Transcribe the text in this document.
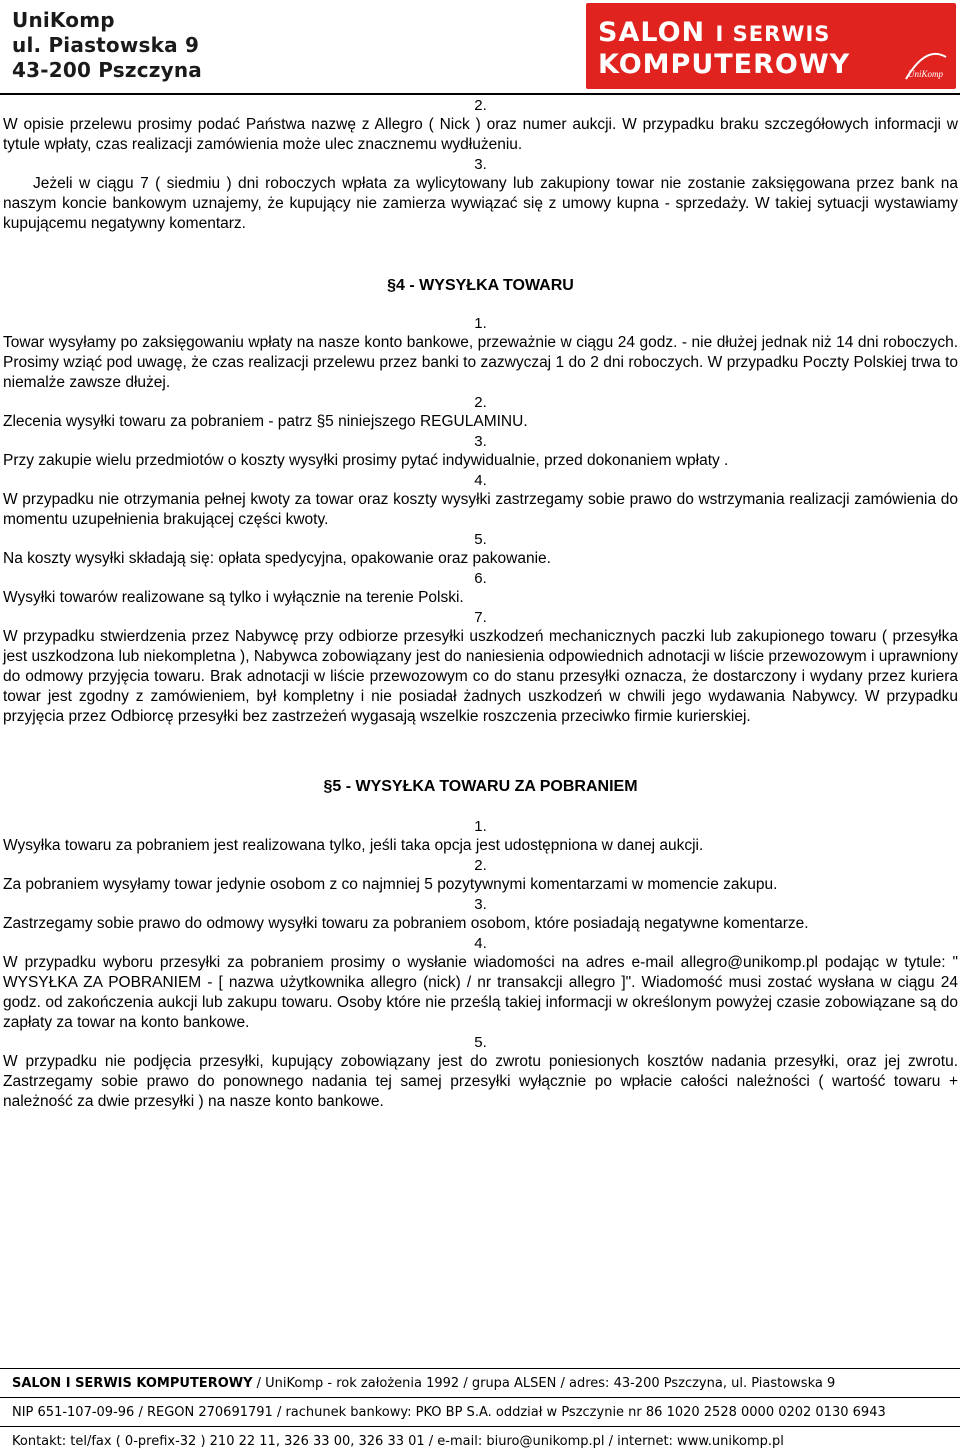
UniKomp
ul. Piastowska 9
43-200 Pszczyna
SALON I SERWIS
KOMPUTEROWY	UniKomp
2.

W opisie przelewu prosimy podać Państwa nazwę z Allegro ( Nick ) oraz numer aukcji. W przypadku braku szczegółowych informacji w tytule wpłaty, czas realizacji zamówienia może ulec znacznemu wydłużeniu.

3.

Jeżeli w ciągu 7 ( siedmiu ) dni roboczych wpłata za wylicytowany lub zakupiony towar nie zostanie zaksięgowana przez bank na naszym koncie bankowym uznajemy, że kupujący nie zamierza wywiązać się z umowy kupna - sprzedaży. W takiej sytuacji wystawiamy kupującemu negatywny komentarz.

§4 - WYSYŁKA TOWARU
1.

Towar wysyłamy po zaksięgowaniu wpłaty na nasze konto bankowe, przeważnie w ciągu 24 godz. - nie dłużej jednak niż 14 dni roboczych. Prosimy wziąć pod uwagę, że czas realizacji przelewu przez banki to zazwyczaj 1 do 2 dni roboczych. W przypadku Poczty Polskiej trwa to niemalże zawsze dłużej.

2.

Zlecenia wysyłki towaru za pobraniem - patrz §5 niniejszego REGULAMINU.

3.

Przy zakupie wielu przedmiotów o koszty wysyłki prosimy pytać indywidualnie, przed dokonaniem wpłaty .

4.

W przypadku nie otrzymania pełnej kwoty za towar oraz koszty wysyłki zastrzegamy sobie prawo do wstrzymania realizacji zamówienia do momentu uzupełnienia brakującej części kwoty.

5.

Na koszty wysyłki składają się: opłata spedycyjna, opakowanie oraz pakowanie.

6.

Wysyłki towarów realizowane są tylko i wyłącznie na terenie Polski.

7.

W przypadku stwierdzenia przez Nabywcę przy odbiorze przesyłki uszkodzeń mechanicznych paczki lub zakupionego towaru ( przesyłka jest uszkodzona lub niekompletna ), Nabywca zobowiązany jest do naniesienia odpowiednich adnotacji w liście przewozowym i uprawniony do odmowy przyjęcia towaru. Brak adnotacji w liście przewozowym co do stanu przesyłki oznacza, że dostarczony i wydany przez kuriera towar jest zgodny z zamówieniem, był kompletny i nie posiadał żadnych uszkodzeń w chwili jego wydawania Nabywcy. W przypadku przyjęcia przez Odbiorcę przesyłki bez zastrzeżeń wygasają wszelkie roszczenia przeciwko firmie kurierskiej.

§5 - WYSYŁKA TOWARU ZA POBRANIEM
1.

Wysyłka towaru za pobraniem jest realizowana tylko, jeśli taka opcja jest udostępniona w danej aukcji.

2.

Za pobraniem wysyłamy towar jedynie osobom z co najmniej 5 pozytywnymi komentarzami w momencie zakupu.

3.

Zastrzegamy sobie prawo do odmowy wysyłki towaru za pobraniem osobom, które posiadają negatywne komentarze.

4.

W przypadku wyboru przesyłki za pobraniem prosimy o wysłanie wiadomości na adres e-mail allegro@unikomp.pl podając w tytule: " WYSYŁKA ZA POBRANIEM - [ nazwa użytkownika allegro (nick) / nr transakcji allegro ]". Wiadomość musi zostać wysłana w ciągu 24 godz. od zakończenia aukcji lub zakupu towaru. Osoby które nie prześlą takiej informacji w określonym powyżej czasie zobowiązane są do zapłaty za towar na konto bankowe.

5.

W przypadku nie podjęcia przesyłki, kupujący zobowiązany jest do zwrotu poniesionych kosztów nadania przesyłki, oraz jej zwrotu. Zastrzegamy sobie prawo do ponownego nadania tej samej przesyłki wyłącznie po wpłacie całości należności ( wartość towaru + należność za dwie przesyłki ) na nasze konto bankowe.

SALON I SERWIS KOMPUTEROWY / UniKomp - rok założenia 1992 / grupa ALSEN / adres: 43-200 Pszczyna, ul. Piastowska 9
NIP 651-107-09-96 / REGON 270691791 / rachunek bankowy: PKO BP S.A. oddział w Pszczynie nr 86 1020 2528 0000 0202 0130 6943
Kontakt: tel/fax ( 0-prefix-32 ) 210 22 11, 326 33 00, 326 33 01 / e-mail: biuro@unikomp.pl / internet: www.unikomp.pl
